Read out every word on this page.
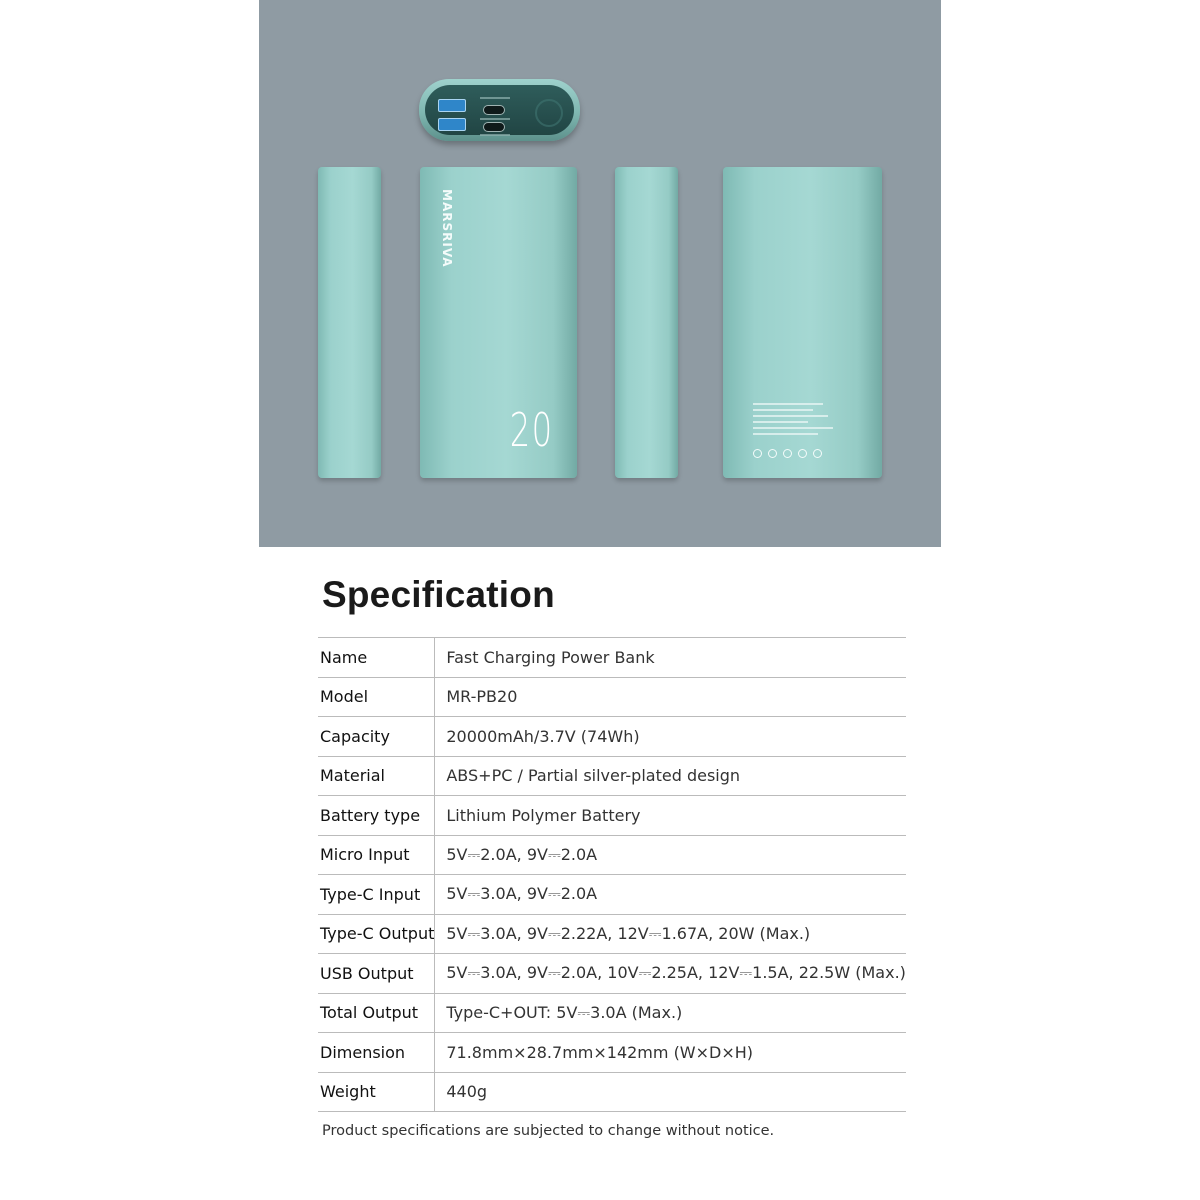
MARSRIVA
20
Specification
Name	Fast Charging Power Bank
Model	MR-PB20
Capacity	20000mAh/3.7V (74Wh)
Material	ABS+PC / Partial silver-plated design
Battery type	Lithium Polymer Battery
Micro Input	5V⎓2.0A, 9V⎓2.0A
Type-C Input	5V⎓3.0A, 9V⎓2.0A
Type-C Output	5V⎓3.0A, 9V⎓2.22A, 12V⎓1.67A, 20W (Max.)
USB Output	5V⎓3.0A, 9V⎓2.0A, 10V⎓2.25A, 12V⎓1.5A, 22.5W (Max.)
Total Output	Type-C+OUT: 5V⎓3.0A (Max.)
Dimension	71.8mm×28.7mm×142mm (W×D×H)
Weight	440g

Product specifications are subjected to change without notice.
